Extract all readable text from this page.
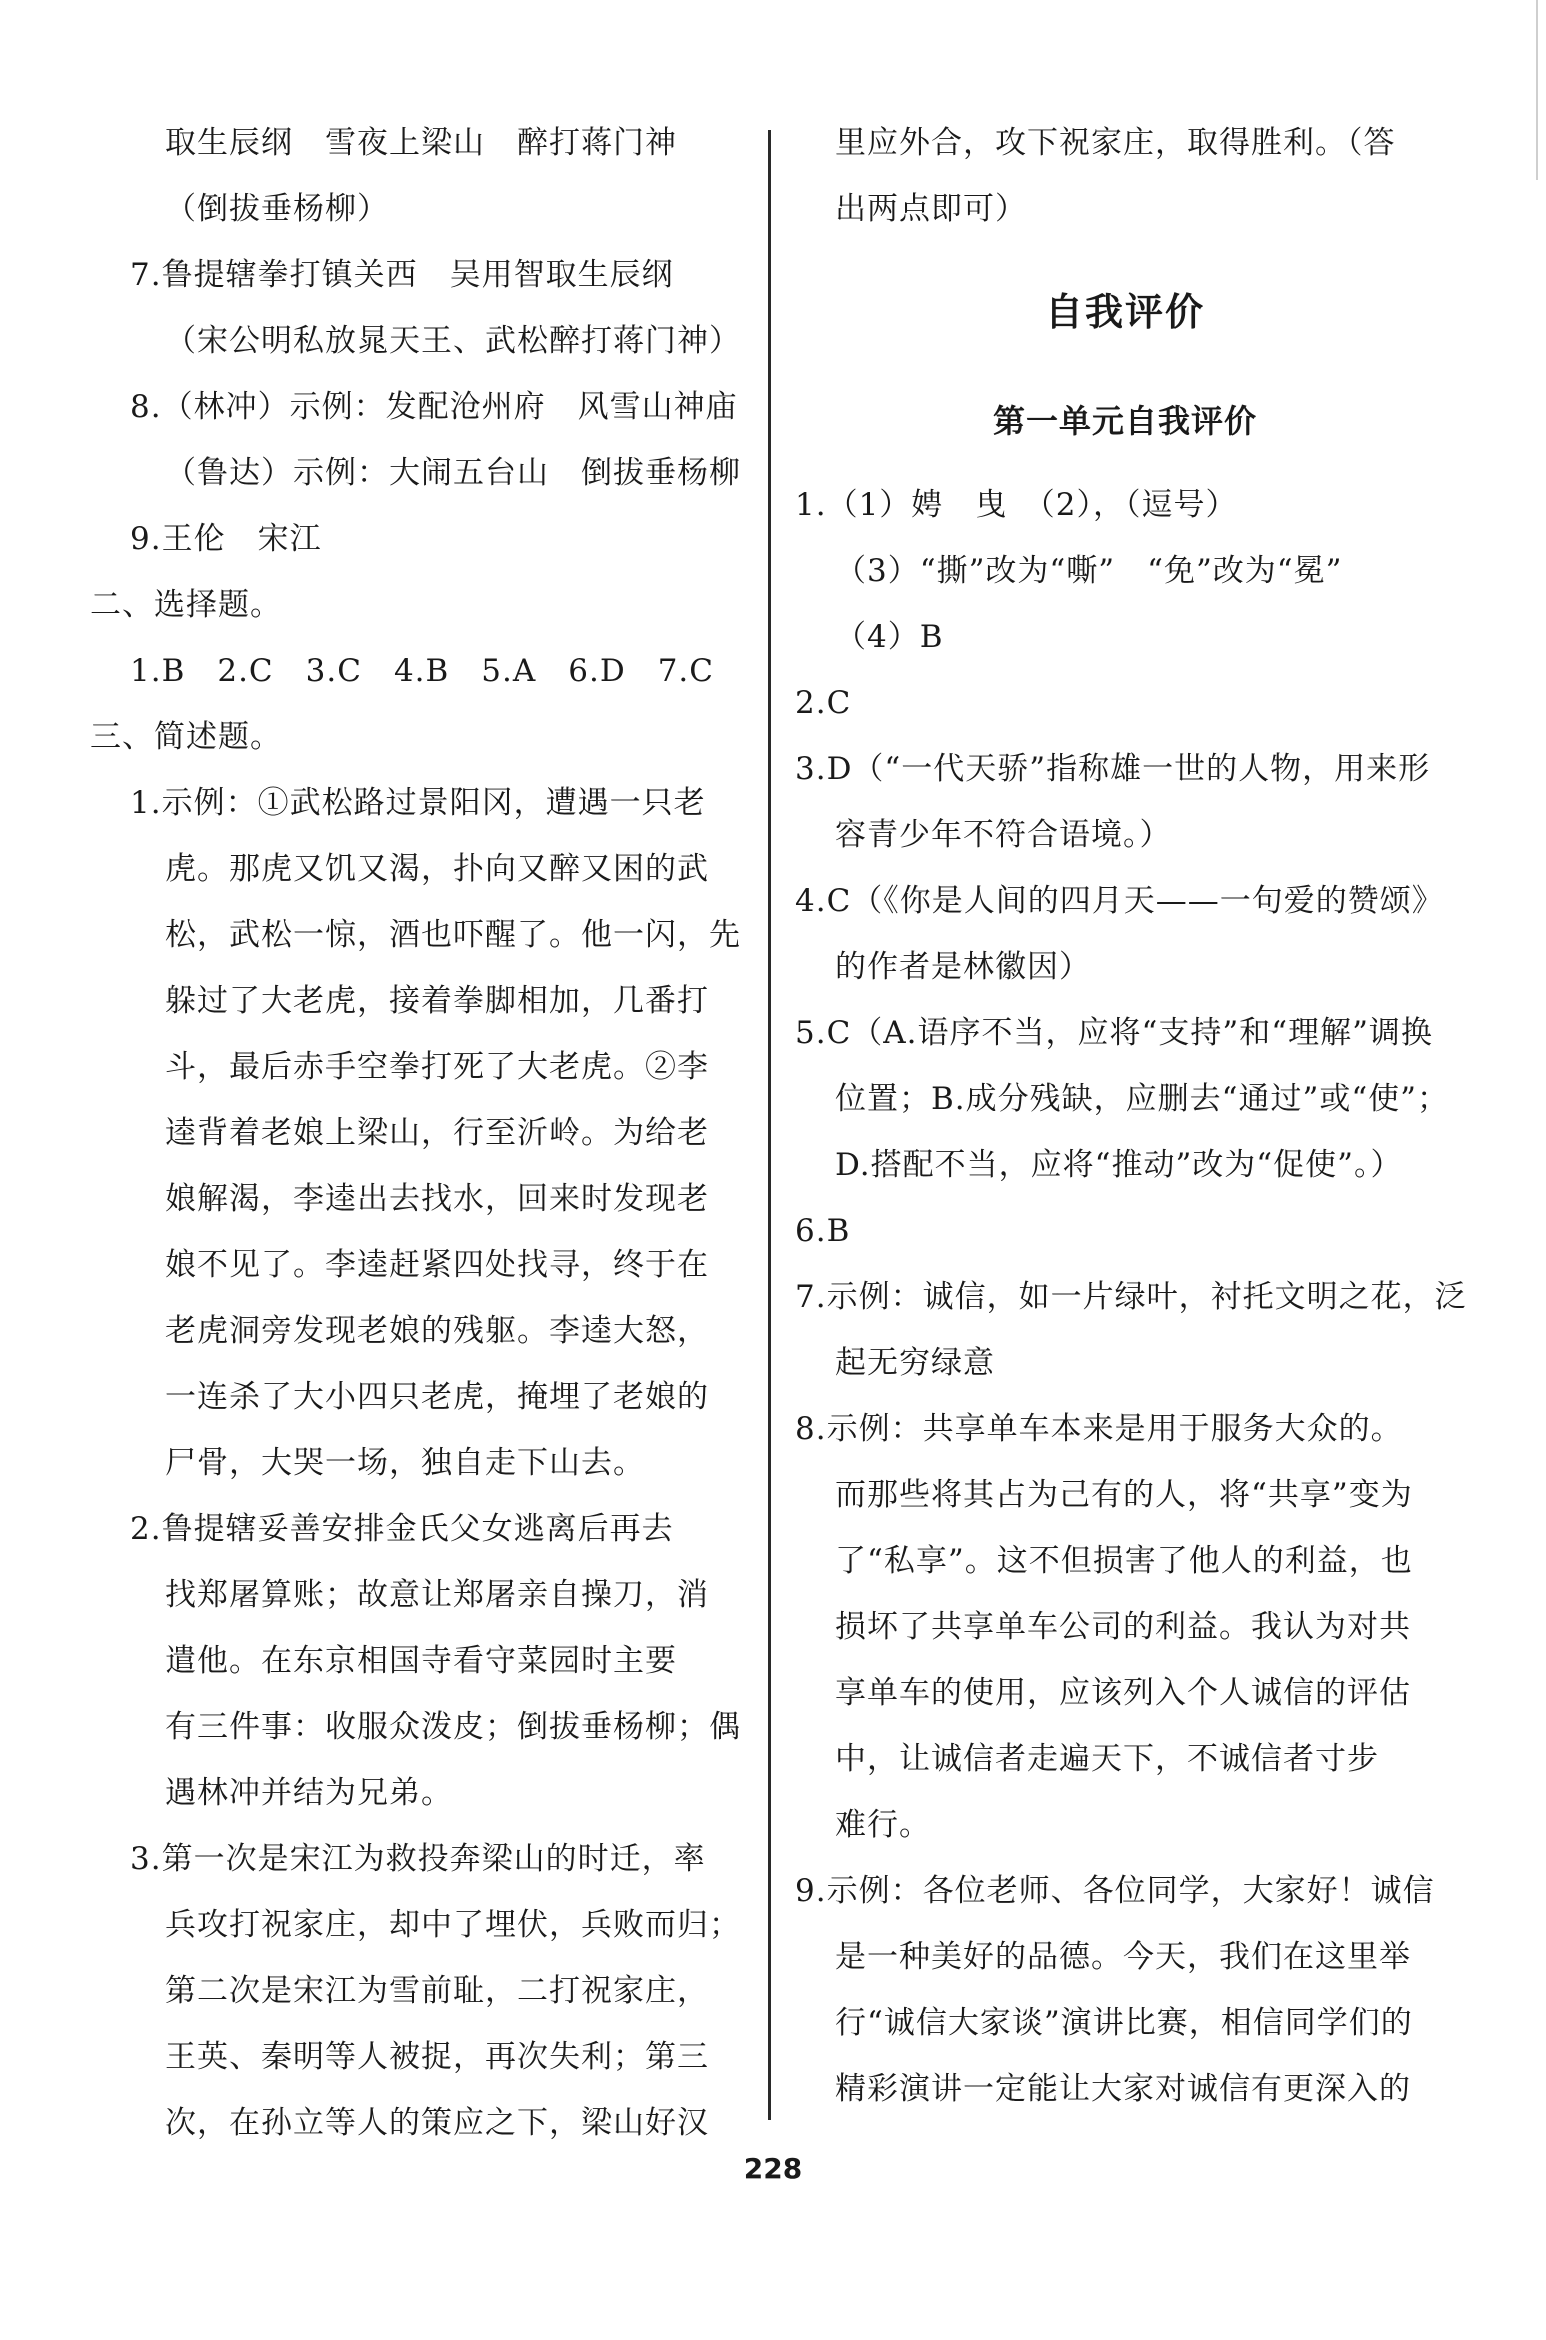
取生辰纲　雪夜上梁山　醉打蒋门神
（倒拔垂杨柳）
7.鲁提辖拳打镇关西　吴用智取生辰纲
（宋公明私放晁天王、武松醉打蒋门神）
8.（林冲）示例：发配沧州府　风雪山神庙
（鲁达）示例：大闹五台山　倒拔垂杨柳
9.王伦　宋江
二、选择题。
1.B　2.C　3.C　4.B　5.A　6.D　7.C
三、简述题。
1.示例：①武松路过景阳冈，遭遇一只老
虎。那虎又饥又渴，扑向又醉又困的武
松，武松一惊，酒也吓醒了。他一闪，先
躲过了大老虎，接着拳脚相加，几番打
斗，最后赤手空拳打死了大老虎。②李
逵背着老娘上梁山，行至沂岭。为给老
娘解渴，李逵出去找水，回来时发现老
娘不见了。李逵赶紧四处找寻，终于在
老虎洞旁发现老娘的残躯。李逵大怒，
一连杀了大小四只老虎，掩埋了老娘的
尸骨，大哭一场，独自走下山去。
2.鲁提辖妥善安排金氏父女逃离后再去
找郑屠算账；故意让郑屠亲自操刀，消
遣他。在东京相国寺看守菜园时主要
有三件事：收服众泼皮；倒拔垂杨柳；偶
遇林冲并结为兄弟。
3.第一次是宋江为救投奔梁山的时迁，率
兵攻打祝家庄，却中了埋伏，兵败而归；
第二次是宋江为雪前耻，二打祝家庄，
王英、秦明等人被捉，再次失利；第三
次，在孙立等人的策应之下，梁山好汉
里应外合，攻下祝家庄，取得胜利。（答
出两点即可）
自我评价
第一单元自我评价
1.（1）娉　曳　（2），（逗号）
（3）“撕”改为“嘶”　“免”改为“冕”
（4）B
2.C
3.D（“一代天骄”指称雄一世的人物，用来形
容青少年不符合语境。）
4.C（《你是人间的四月天——一句爱的赞颂》
的作者是林徽因）
5.C（A.语序不当，应将“支持”和“理解”调换
位置；B.成分残缺，应删去“通过”或“使”；
D.搭配不当，应将“推动”改为“促使”。）
6.B
7.示例：诚信，如一片绿叶，衬托文明之花，泛
起无穷绿意
8.示例：共享单车本来是用于服务大众的。
而那些将其占为己有的人，将“共享”变为
了“私享”。这不但损害了他人的利益，也
损坏了共享单车公司的利益。我认为对共
享单车的使用，应该列入个人诚信的评估
中，让诚信者走遍天下，不诚信者寸步
难行。
9.示例：各位老师、各位同学，大家好！诚信
是一种美好的品德。今天，我们在这里举
行“诚信大家谈”演讲比赛，相信同学们的
精彩演讲一定能让大家对诚信有更深入的
228
